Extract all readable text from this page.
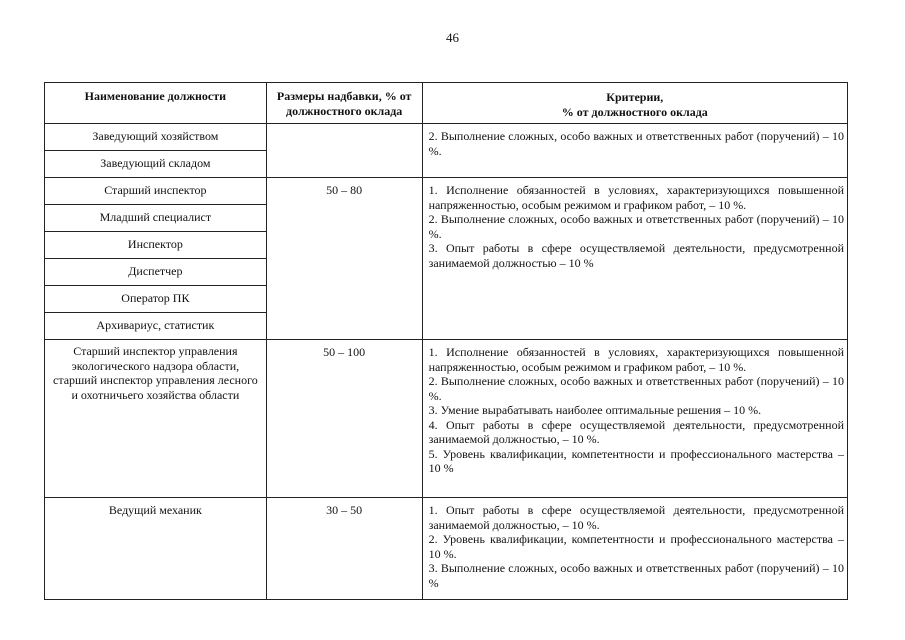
46
Наименование должности	Размеры надбавки, % от должностного оклада	Критерии,
% от должностного оклада

Заведующий хозяйством		2. Выполнение сложных, особо важных и ответственных работ (поручений) – 10 %.

Заведующий складом		

Старший инспектор	50 – 80	1. Исполнение обязанностей в условиях, характеризующихся повышенной напряженностью, особым режимом и графиком работ, – 10 %.
2. Выполнение сложных, особо важных и ответственных работ (поручений) – 10 %.
3. Опыт работы в сфере осуществляемой деятельности, предусмотренной занимаемой должностью – 10 %

Младший специалист		

Инспектор		

Диспетчер		

Оператор ПК		

Архивариус, статистик		

Старший инспектор управления экологического надзора области, старший инспектор управления лесного и охотничьего хозяйства области	50 – 100	1. Исполнение обязанностей в условиях, характеризующихся повышенной напряженностью, особым режимом и графиком работ, – 10 %.
2. Выполнение сложных, особо важных и ответственных работ (поручений) – 10 %.
3. Умение вырабатывать наиболее оптимальные решения – 10 %.
4. Опыт работы в сфере осуществляемой деятельности, предусмотренной занимаемой должностью, – 10 %.
5. Уровень квалификации, компетентности и профессионального мастерства – 10 %

Ведущий механик	30 – 50	1. Опыт работы в сфере осуществляемой деятельности, предусмотренной занимаемой должностью, – 10 %.
2. Уровень квалификации, компетентности и профессионального мастерства – 10 %.
3. Выполнение сложных, особо важных и ответственных работ (поручений) – 10 %
